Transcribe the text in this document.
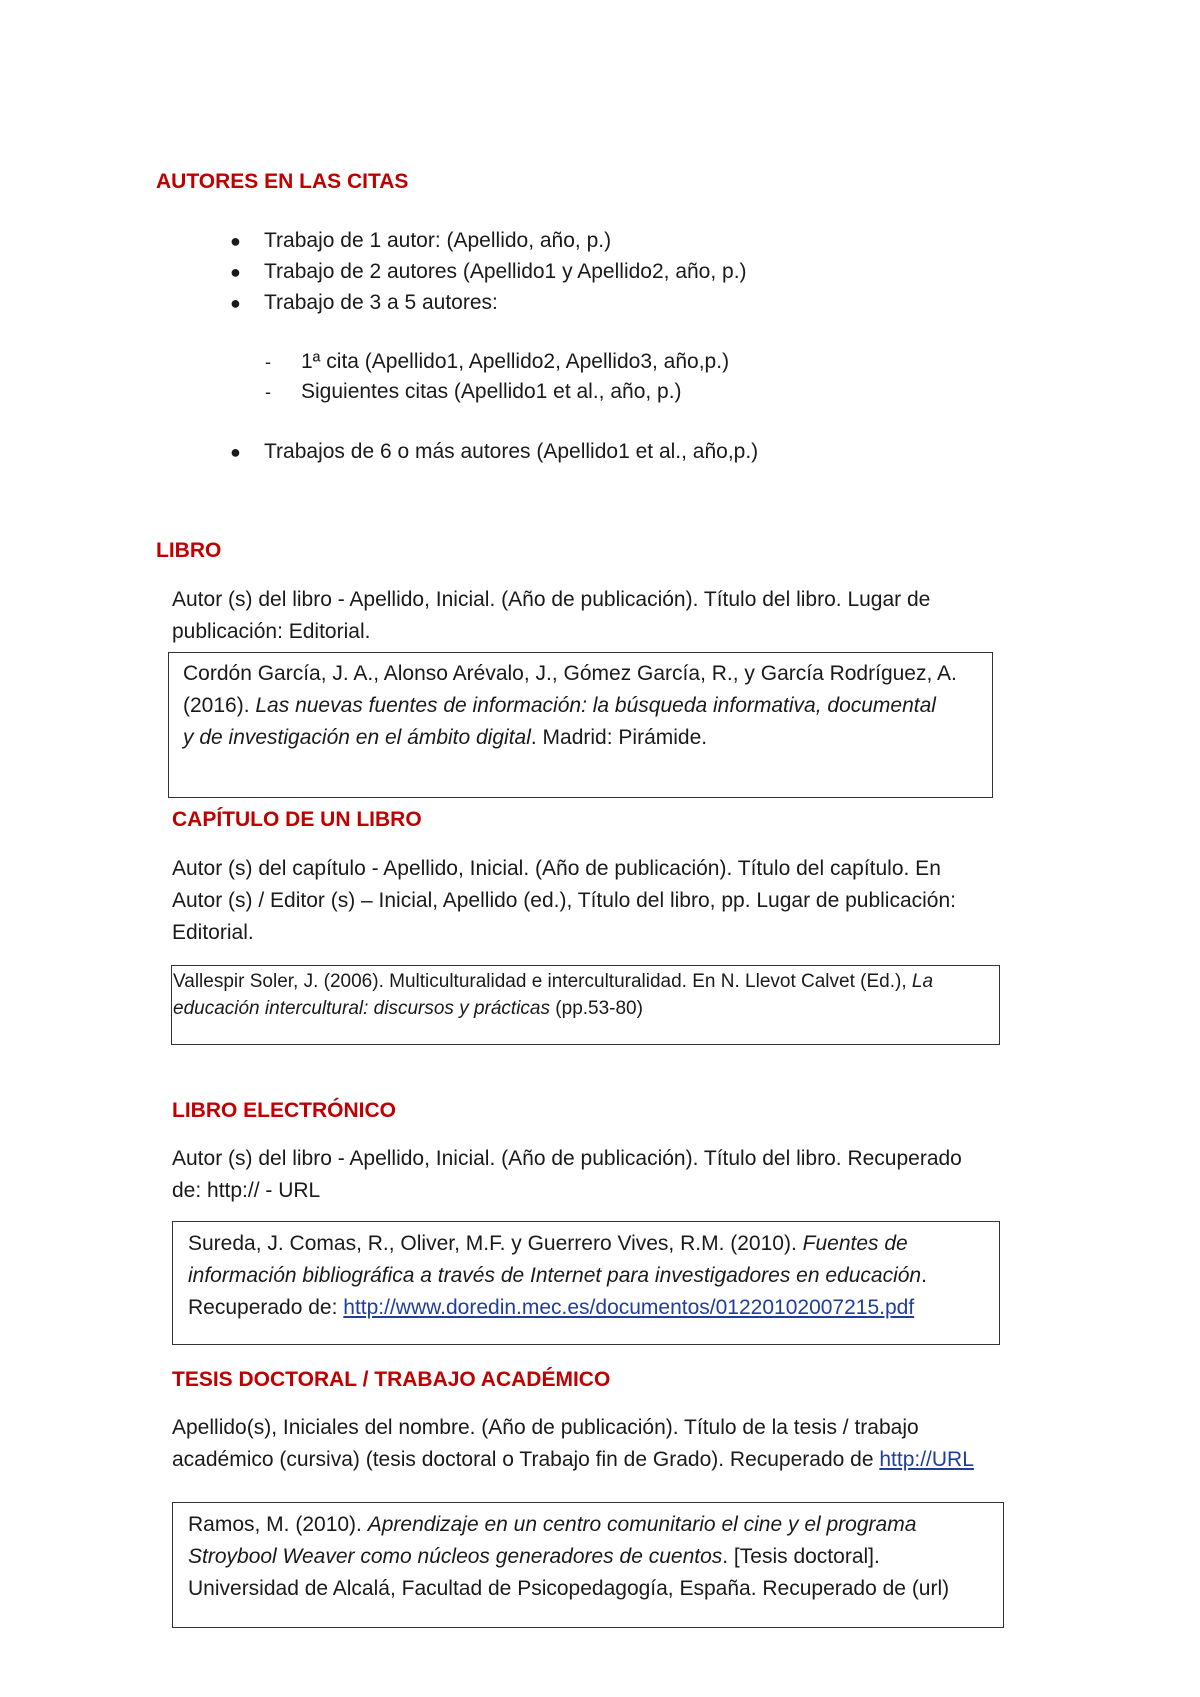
AUTORES EN LAS CITAS

● Trabajo de 1 autor: (Apellido, año, p.)

● Trabajo de 2 autores (Apellido1 y Apellido2, año, p.)

● Trabajo de 3 a 5 autores:

- 1ª cita (Apellido1, Apellido2, Apellido3, año,p.)

- Siguientes citas (Apellido1 et al., año, p.)

● Trabajos de 6 o más autores (Apellido1 et al., año,p.)

LIBRO

Autor (s) del libro - Apellido, Inicial. (Año de publicación). Título del libro. Lugar de

publicación: Editorial.

Cordón García, J. A., Alonso Arévalo, J., Gómez García, R., y García Rodríguez, A.

(2016). Las nuevas fuentes de información: la búsqueda informativa, documental

y de investigación en el ámbito digital. Madrid: Pirámide.

CAPÍTULO DE UN LIBRO

Autor (s) del capítulo - Apellido, Inicial. (Año de publicación). Título del capítulo. En

Autor (s) / Editor (s) – Inicial, Apellido (ed.), Título del libro, pp. Lugar de publicación:

Editorial.

Vallespir Soler, J. (2006). Multiculturalidad e interculturalidad. En N. Llevot Calvet (Ed.), La

educación intercultural: discursos y prácticas (pp.53-80)

LIBRO ELECTRÓNICO

Autor (s) del libro - Apellido, Inicial. (Año de publicación). Título del libro. Recuperado

de: http:// - URL

Sureda, J. Comas, R., Oliver, M.F. y Guerrero Vives, R.M. (2010). Fuentes de

información bibliográfica a través de Internet para investigadores en educación.

Recuperado de: http://www.doredin.mec.es/documentos/01220102007215.pdf

TESIS DOCTORAL / TRABAJO ACADÉMICO

Apellido(s), Iniciales del nombre. (Año de publicación). Título de la tesis / trabajo

académico (cursiva) (tesis doctoral o Trabajo fin de Grado). Recuperado de http://URL

Ramos, M. (2010). Aprendizaje en un centro comunitario el cine y el programa

Stroybool Weaver como núcleos generadores de cuentos. [Tesis doctoral].

Universidad de Alcalá, Facultad de Psicopedagogía, España. Recuperado de (url)
